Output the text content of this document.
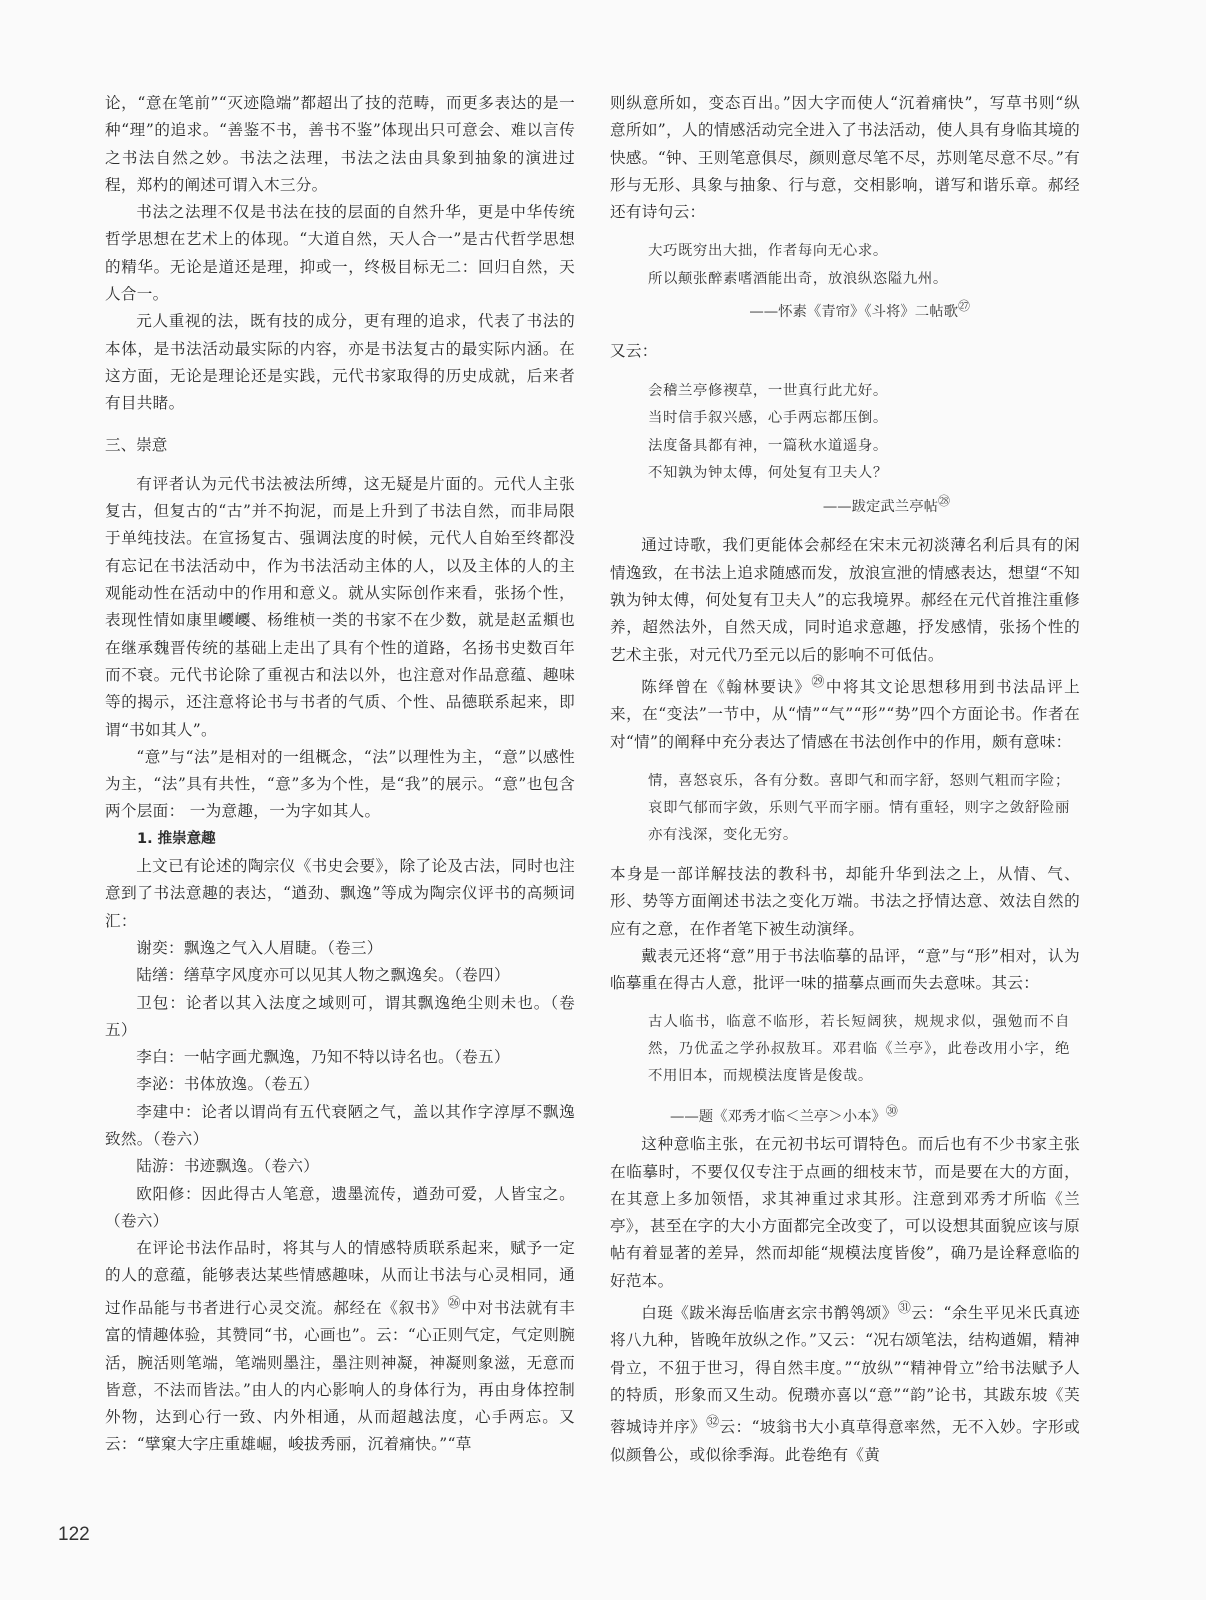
论，“意在笔前”“灭迹隐端”都超出了技的范畴，而更多表达的是一种“理”的追求。“善鉴不书，善书不鉴”体现出只可意会、难以言传之书法自然之妙。书法之法理，书法之法由具象到抽象的演进过程，郑杓的阐述可谓入木三分。

书法之法理不仅是书法在技的层面的自然升华，更是中华传统哲学思想在艺术上的体现。“大道自然，天人合一”是古代哲学思想的精华。无论是道还是理，抑或一，终极目标无二：回归自然，天人合一。

元人重视的法，既有技的成分，更有理的追求，代表了书法的本体，是书法活动最实际的内容，亦是书法复古的最实际内涵。在这方面，无论是理论还是实践，元代书家取得的历史成就，后来者有目共睹。

三、崇意

有评者认为元代书法被法所缚，这无疑是片面的。元代人主张复古，但复古的“古”并不拘泥，而是上升到了书法自然，而非局限于单纯技法。在宣扬复古、强调法度的时候，元代人自始至终都没有忘记在书法活动中，作为书法活动主体的人，以及主体的人的主观能动性在活动中的作用和意义。就从实际创作来看，张扬个性，表现性情如康里巎巎、杨维桢一类的书家不在少数，就是赵孟頫也在继承魏晋传统的基础上走出了具有个性的道路，名扬书史数百年而不衰。元代书论除了重视古和法以外，也注意对作品意蕴、趣味等的揭示，还注意将论书与书者的气质、个性、品德联系起来，即谓“书如其人”。

“意”与“法”是相对的一组概念，“法”以理性为主，“意”以感性为主，“法”具有共性，“意”多为个性，是“我”的展示。“意”也包含两个层面： 一为意趣，一为字如其人。

1. 推崇意趣

上文已有论述的陶宗仪《书史会要》，除了论及古法，同时也注意到了书法意趣的表达，“遒劲、飘逸”等成为陶宗仪评书的高频词汇：

谢奕：飘逸之气入人眉睫。（卷三）

陆缮：缮草字风度亦可以见其人物之飘逸矣。（卷四）

卫包：论者以其入法度之域则可，谓其飘逸绝尘则未也。（卷五）

李白：一帖字画尤飘逸，乃知不特以诗名也。（卷五）

李泌：书体放逸。（卷五）

李建中：论者以谓尚有五代衰陋之气，盖以其作字淳厚不飘逸致然。（卷六）

陆游：书迹飘逸。（卷六）

欧阳修：因此得古人笔意，遗墨流传，遒劲可爱，人皆宝之。（卷六）

在评论书法作品时，将其与人的情感特质联系起来，赋予一定的人的意蕴，能够表达某些情感趣味，从而让书法与心灵相同，通过作品能与书者进行心灵交流。郝经在《叙书》$^㉖$中对书法就有丰富的情趣体验，其赞同“书，心画也”。云：“心正则气定，气定则腕活，腕活则笔端，笔端则墨注，墨注则神凝，神凝则象滋，无意而皆意，不法而皆法。”由人的内心影响人的身体行为，再由身体控制外物，达到心行一致、内外相通，从而超越法度，心手两忘。又云：“擘窠大字庄重雄崛，峻拔秀丽，沉着痛快。”“草

则纵意所如，变态百出。”因大字而使人“沉着痛快”，写草书则“纵意所如”，人的情感活动完全进入了书法活动，使人具有身临其境的快感。“钟、王则笔意俱尽，颜则意尽笔不尽，苏则笔尽意不尽。”有形与无形、具象与抽象、行与意，交相影响，谱写和谐乐章。郝经还有诗句云：

大巧既穷出大拙，作者每向无心求。
所以颠张醉素嗜酒能出奇，放浪纵恣隘九州。
——怀素《青帘》《斗将》二帖歌$^㉗$

又云：

会稽兰亭修禊草，一世真行此尤好。
当时信手叙兴感，心手两忘都压倒。
法度备具都有神，一篇秋水道遥身。
不知孰为钟太傅，何处复有卫夫人？
——跋定武兰亭帖$^㉘$

通过诗歌，我们更能体会郝经在宋末元初淡薄名利后具有的闲情逸致，在书法上追求随感而发，放浪宣泄的情感表达，想望“不知孰为钟太傅，何处复有卫夫人”的忘我境界。郝经在元代首推注重修养，超然法外，自然天成，同时追求意趣，抒发感情，张扬个性的艺术主张，对元代乃至元以后的影响不可低估。

陈绎曾在《翰林要诀》$^㉙$中将其文论思想移用到书法品评上来，在“变法”一节中，从“情”“气”“形”“势”四个方面论书。作者在对“情”的阐释中充分表达了情感在书法创作中的作用，颇有意味：

情，喜怒哀乐，各有分数。喜即气和而字舒，怒则气粗而字险；哀即气郁而字敛，乐则气平而字丽。情有重轻，则字之敛舒险丽亦有浅深，变化无穷。

本身是一部详解技法的教科书，却能升华到法之上，从情、气、形、势等方面阐述书法之变化万端。书法之抒情达意、效法自然的应有之意，在作者笔下被生动演绎。

戴表元还将“意”用于书法临摹的品评，“意”与“形”相对，认为临摹重在得古人意，批评一味的描摹点画而失去意味。其云：

古人临书，临意不临形，若长短阔狭，规规求似，强勉而不自然，乃优孟之学孙叔敖耳。邓君临《兰亭》，此卷改用小字，绝不用旧本，而规模法度皆是俊哉。

——题《邓秀才临＜兰亭＞小本》$^㉚$

这种意临主张，在元初书坛可谓特色。而后也有不少书家主张在临摹时，不要仅仅专注于点画的细枝末节，而是要在大的方面，在其意上多加领悟，求其神重过求其形。注意到邓秀才所临《兰亭》，甚至在字的大小方面都完全改变了，可以设想其面貌应该与原帖有着显著的差异，然而却能“规模法度皆俊”，确乃是诠释意临的好范本。

白珽《跋米海岳临唐玄宗书鹡鸰颂》$^㉛$云：“余生平见米氏真迹将八九种，皆晚年放纵之作。”又云：“况右颂笔法，结构遒媚，精神骨立，不狃于世习，得自然丰度。”“放纵”“精神骨立”给书法赋予人的特质，形象而又生动。倪瓒亦喜以“意”“韵”论书，其跋东坡《芙蓉城诗并序》$^㉜$云：“坡翁书大小真草得意率然，无不入妙。字形或似颜鲁公，或似徐季海。此卷绝有《黄

122
